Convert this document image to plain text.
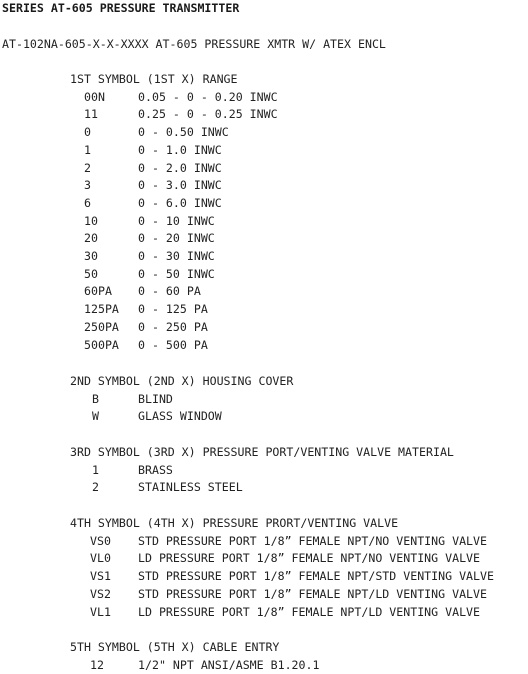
SERIES AT-605 PRESSURE TRANSMITTER

AT-102NA-605-X-X-XXXX AT-605 PRESSURE XMTR W/ ATEX ENCL

1ST SYMBOL (1ST X) RANGE
00N	0.05 - 0 - 0.20 INWC
11	0.25 - 0 - 0.25 INWC
0	0 - 0.50 INWC
1	0 - 1.0 INWC
2	0 - 2.0 INWC
3	0 - 3.0 INWC
6	0 - 6.0 INWC
10	0 - 10 INWC
20	0 - 20 INWC
30	0 - 30 INWC
50	0 - 50 INWC
60PA 0 - 60 PA
125PA 0 - 125 PA
250PA 0 - 250 PA
500PA 0 - 500 PA
2ND SYMBOL (2ND X) HOUSING COVER
B	BLIND
W	GLASS WINDOW
3RD SYMBOL (3RD X) PRESSURE PORT/VENTING VALVE MATERIAL
1	BRASS
2	STAINLESS STEEL
4TH SYMBOL (4TH X) PRESSURE PRORT/VENTING VALVE
VS0 STD PRESSURE PORT 1/8” FEMALE NPT/NO VENTING VALVE
VL0 LD PRESSURE PORT 1/8” FEMALE NPT/NO VENTING VALVE
VS1 STD PRESSURE PORT 1/8” FEMALE NPT/STD VENTING VALVE
VS2 STD PRESSURE PORT 1/8” FEMALE NPT/LD VENTING VALVE
VL1 LD PRESSURE PORT 1/8” FEMALE NPT/LD VENTING VALVE
5TH SYMBOL (5TH X) CABLE ENTRY
12	1/2" NPT ANSI/ASME B1.20.1
